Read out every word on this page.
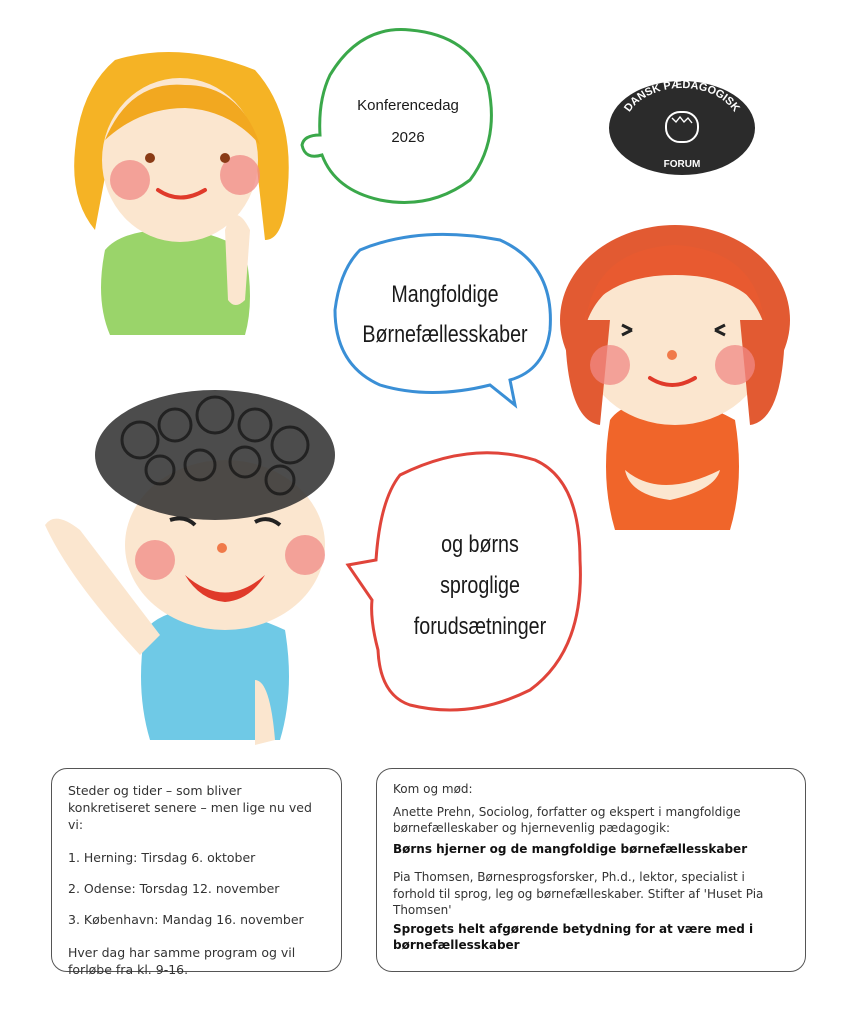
DANSK PÆDAGOGISK
FORUM
Konferencedag
2026
Mangfoldige
Børnefællesskaber
og børns
sproglige
forudsætninger

Steder og tider – som bliver konkretiseret senere – men lige nu ved vi:

1. Herning: Tirsdag 6. oktober

2. Odense: Torsdag 12. november

3. København: Mandag 16. november

Hver dag har samme program og vil forløbe fra kl. 9-16.

Kom og mød:

Anette Prehn, Sociolog, forfatter og ekspert i mangfoldige børnefælleskaber og hjernevenlig pædagogik:

Børns hjerner og de mangfoldige børnefællesskaber

Pia Thomsen, Børnesprogsforsker, Ph.d., lektor, specialist i forhold til sprog, leg og børnefælleskaber. Stifter af 'Huset Pia Thomsen'

Sprogets helt afgørende betydning for at være med i børnefællesskaber
